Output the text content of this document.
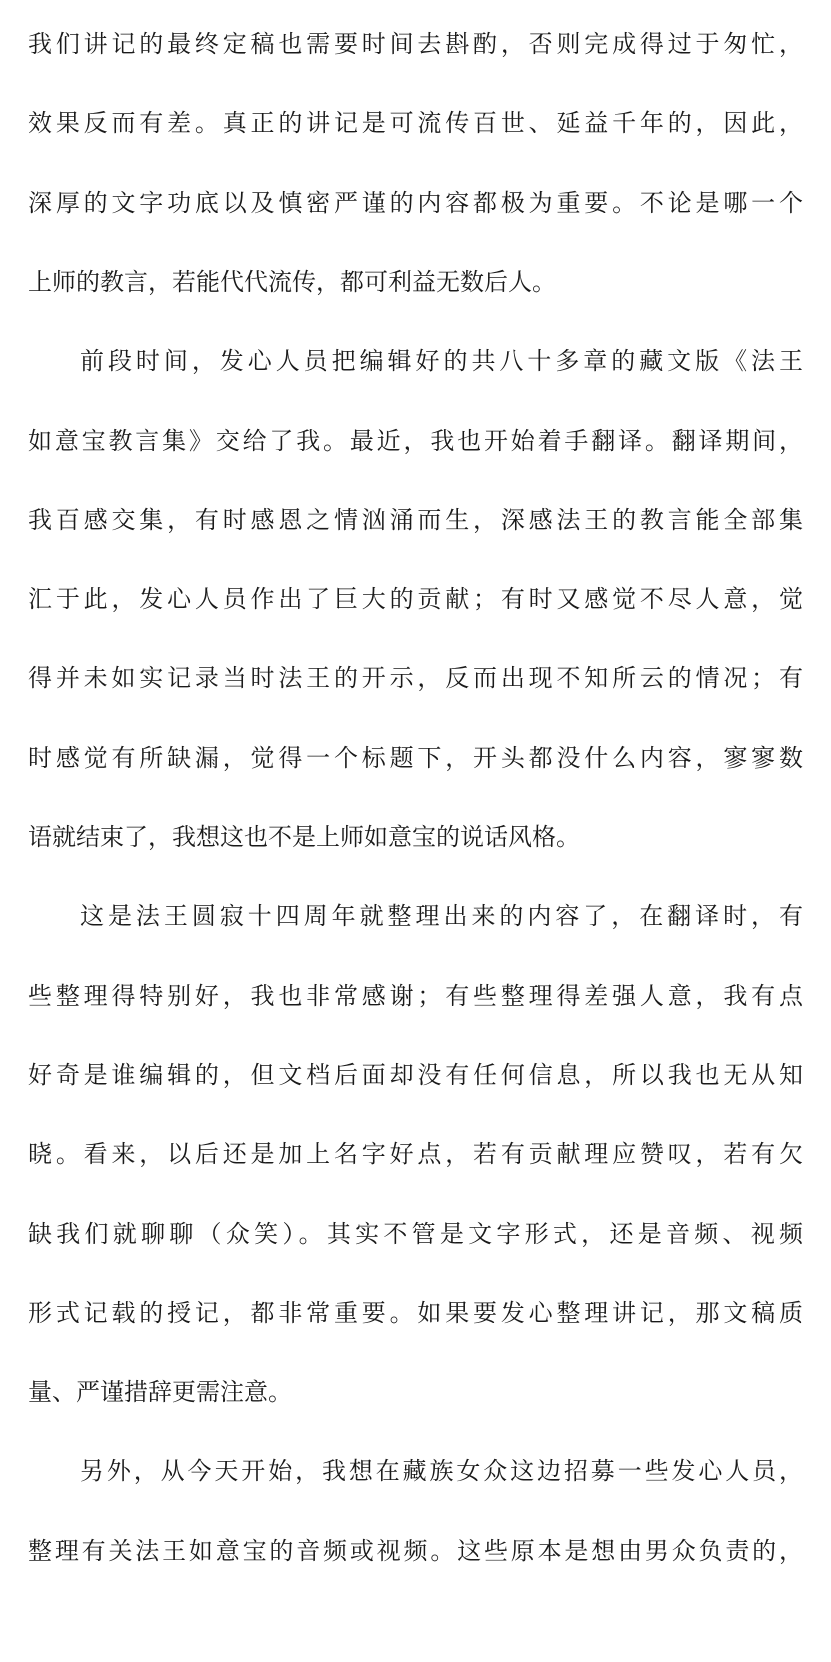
我们讲记的最终定稿也需要时间去斟酌，否则完成得过于匆忙，
效果反而有差。真正的讲记是可流传百世、延益千年的，因此，
深厚的文字功底以及慎密严谨的内容都极为重要。不论是哪一个
上师的教言，若能代代流传，都可利益无数后人。
前段时间，发心人员把编辑好的共八十多章的藏文版《法王
如意宝教言集》交给了我。最近，我也开始着手翻译。翻译期间，
我百感交集，有时感恩之情汹涌而生，深感法王的教言能全部集
汇于此，发心人员作出了巨大的贡献；有时又感觉不尽人意，觉
得并未如实记录当时法王的开示，反而出现不知所云的情况；有
时感觉有所缺漏，觉得一个标题下，开头都没什么内容，寥寥数
语就结束了，我想这也不是上师如意宝的说话风格。
这是法王圆寂十四周年就整理出来的内容了，在翻译时，有
些整理得特别好，我也非常感谢；有些整理得差强人意，我有点
好奇是谁编辑的，但文档后面却没有任何信息，所以我也无从知
晓。看来，以后还是加上名字好点，若有贡献理应赞叹，若有欠
缺我们就聊聊（众笑）。其实不管是文字形式，还是音频、视频
形式记载的授记，都非常重要。如果要发心整理讲记，那文稿质
量、严谨措辞更需注意。
另外，从今天开始，我想在藏族女众这边招募一些发心人员，
整理有关法王如意宝的音频或视频。这些原本是想由男众负责的，
